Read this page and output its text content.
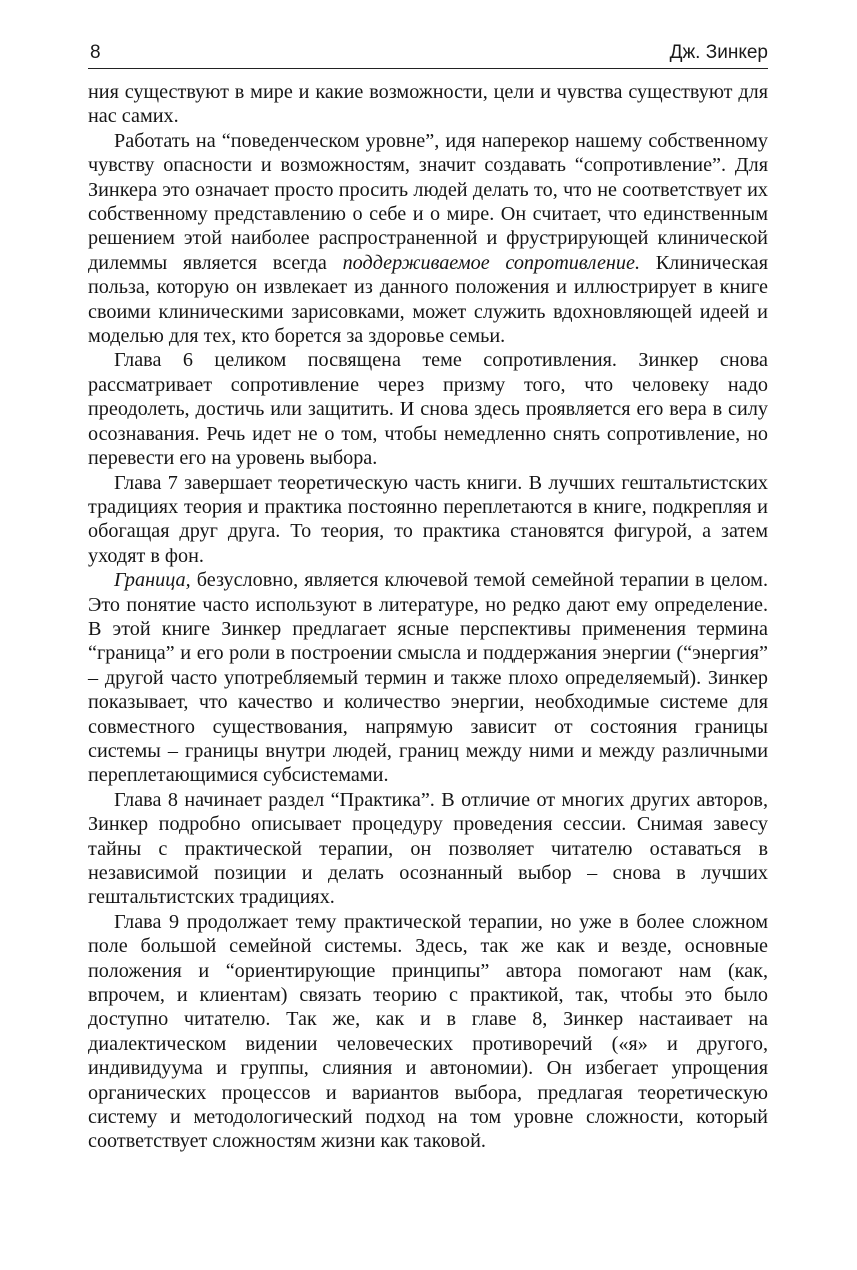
8	Дж. Зинкер

ния существуют в мире и какие возможности, цели и чувства существуют для нас самих.

Работать на “поведенческом уровне”, идя наперекор нашему собственному чувству опасности и возможностям, значит создавать “сопротивление”. Для Зинкера это означает просто просить людей делать то, что не соответствует их собственному представлению о себе и о мире. Он считает, что единственным решением этой наиболее распространенной и фрустрирующей клинической дилеммы является всегда поддерживаемое сопротивление. Клиническая польза, которую он извлекает из данного положения и иллюстрирует в книге своими клиническими зарисовками, может служить вдохновляющей идеей и моделью для тех, кто борется за здоровье семьи.

Глава 6 целиком посвящена теме сопротивления. Зинкер снова рассматривает сопротивление через призму того, что человеку надо преодолеть, достичь или защитить. И снова здесь проявляется его вера в силу осознавания. Речь идет не о том, чтобы немедленно снять сопротивление, но перевести его на уровень выбора.

Глава 7 завершает теоретическую часть книги. В лучших гештальтистских традициях теория и практика постоянно переплетаются в книге, подкрепляя и обогащая друг друга. То теория, то практика становятся фигурой, а затем уходят в фон.

Граница, безусловно, является ключевой темой семейной терапии в целом. Это понятие часто используют в литературе, но редко дают ему определение. В этой книге Зинкер предлагает ясные перспективы применения термина “граница” и его роли в построении смысла и поддержания энергии (“энергия” – другой часто употребляемый термин и также плохо определяемый). Зинкер показывает, что качество и количество энергии, необходимые системе для совместного существования, напрямую зависит от состояния границы системы – границы внутри людей, границ между ними и между различными переплетающимися субсистемами.

Глава 8 начинает раздел “Практика”. В отличие от многих других авторов, Зинкер подробно описывает процедуру проведения сессии. Снимая завесу тайны с практической терапии, он позволяет читателю оставаться в независимой позиции и делать осознанный выбор – снова в лучших гештальтистских традициях.

Глава 9 продолжает тему практической терапии, но уже в более сложном поле большой семейной системы. Здесь, так же как и везде, основные положения и “ориентирующие принципы” автора помогают нам (как, впрочем, и клиентам) связать теорию с практикой, так, чтобы это было доступно читателю. Так же, как и в главе 8, Зинкер настаивает на диалектическом видении человеческих противоречий («я» и другого, индивидуума и группы, слияния и автономии). Он избегает упрощения органических процессов и вариантов выбора, предлагая теоретическую систему и методологический подход на том уровне сложности, который соответствует сложностям жизни как таковой.
